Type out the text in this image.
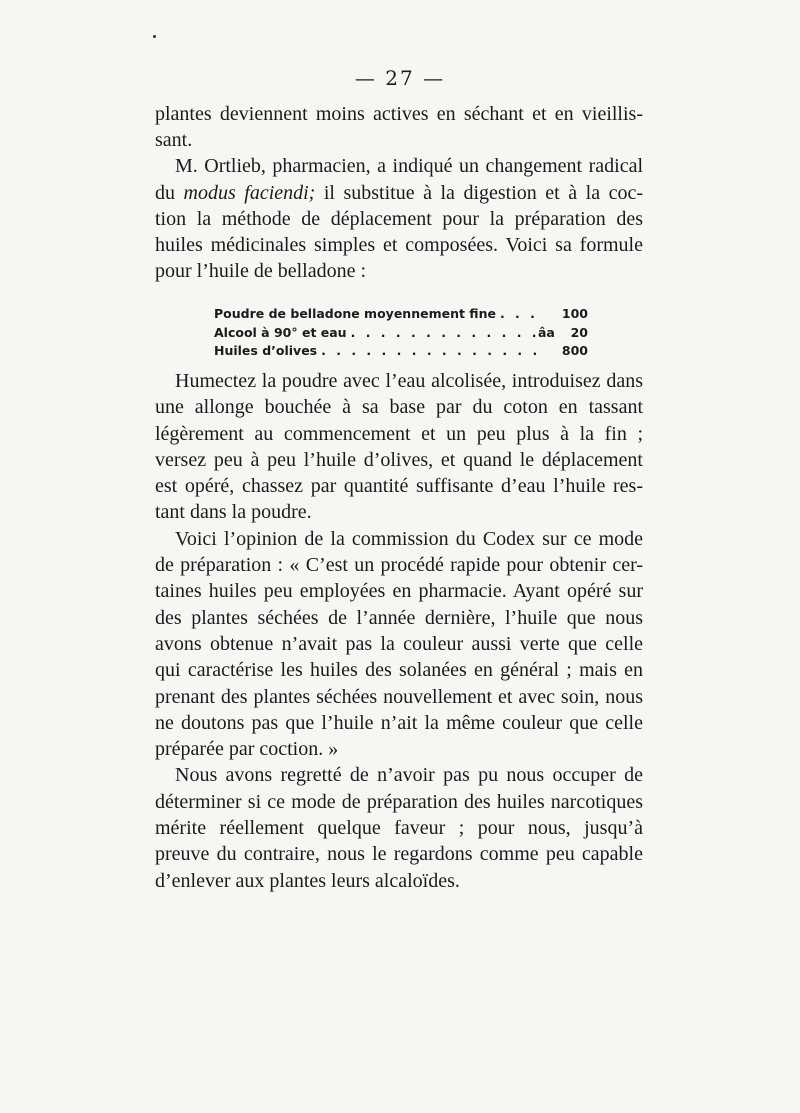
— 27 —
plantes deviennent moins actives en séchant et en vieillis-
sant.
M. Ortlieb, pharmacien, a indiqué un changement radical
du modus faciendi; il substitue à la digestion et à la coc-
tion la méthode de déplacement pour la préparation des
huiles médicinales simples et composées. Voici sa formule
pour l’huile de belladone :
Poudre de belladone moyennement fine . . .	100
Alcool à 90° et eau . . .	âa	20
Huiles d’olives . . .	800
Humectez la poudre avec l’eau alcolisée, introduisez dans
une allonge bouchée à sa base par du coton en tassant
légèrement au commencement et un peu plus à la fin ;
versez peu à peu l’huile d’olives, et quand le déplacement
est opéré, chassez par quantité suffisante d’eau l’huile res-
tant dans la poudre.
Voici l’opinion de la commission du Codex sur ce mode
de préparation : « C’est un procédé rapide pour obtenir cer-
taines huiles peu employées en pharmacie. Ayant opéré sur
des plantes séchées de l’année dernière, l’huile que nous
avons obtenue n’avait pas la couleur aussi verte que celle
qui caractérise les huiles des solanées en général ; mais en
prenant des plantes séchées nouvellement et avec soin, nous
ne doutons pas que l’huile n’ait la même couleur que celle
préparée par coction. »
Nous avons regretté de n’avoir pas pu nous occuper de
déterminer si ce mode de préparation des huiles narcotiques
mérite réellement quelque faveur ; pour nous, jusqu’à
preuve du contraire, nous le regardons comme peu capable
d’enlever aux plantes leurs alcaloïdes.
